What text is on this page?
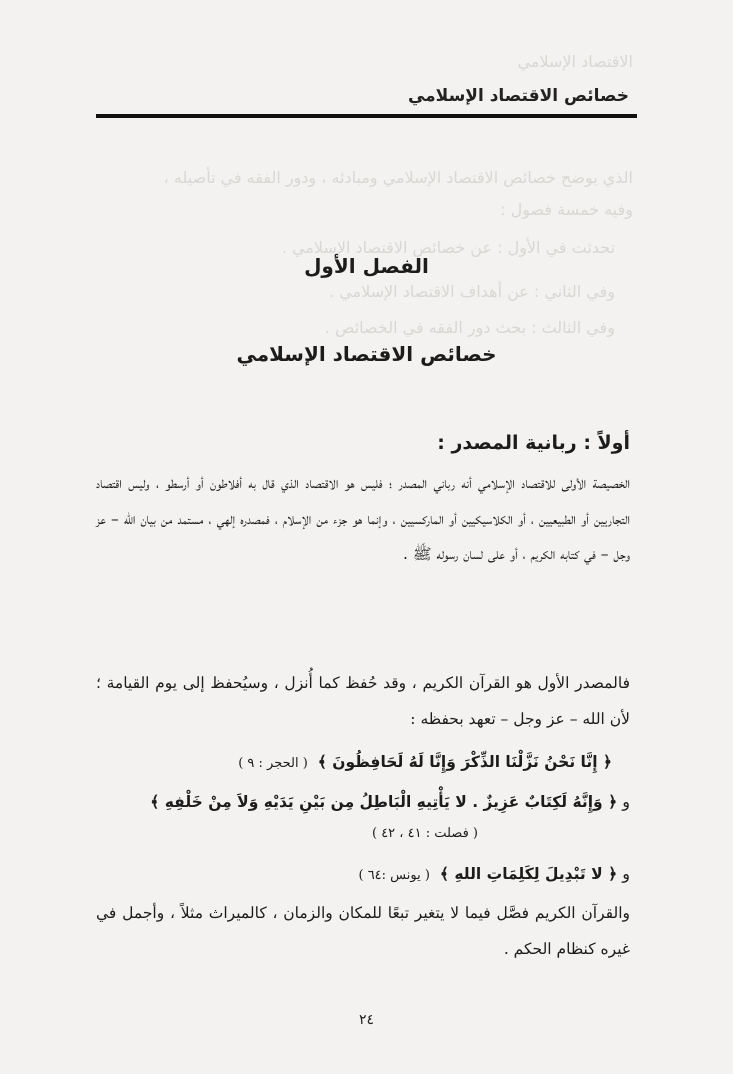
الاقتصاد الإسلامي
الذي يوضح خصائص الاقتصاد الإسلامي ومبادئه ، ودور الفقه في تأصيله ،
وفيه خمسة فصول :
تحدثت في الأول : عن خصائص الاقتصاد الإسلامي .
وفي الثاني : عن أهداف الاقتصاد الإسلامي .
وفي الثالث : بحث دور الفقه في الخصائص .
خصائص الاقتصاد الإسلامي
الفصل الأول
خصائص الاقتصاد الإسلامي
أولاً : ربانية المصدر :
الخصيصة الأولى للاقتصاد الإسلامي أنه رباني المصدر ؛ فليس هو الاقتصاد الذي قال به أفلاطون أو أرسطو ، وليس اقتصاد التجاريين أو الطبيعيين ، أو الكلاسيكيين أو الماركسيين ، وإنما هو جزء من الإسلام ، فمصدره إلهي ، مستمد من بيان الله – عز وجل – في كتابه الكريم ، أو على لسان رسوله ﷺ .
فالمصدر الأول هو القرآن الكريم ، وقد حُفظ كما أُنزل ، وسيُحفظ إلى يوم القيامة ؛ لأن الله – عز وجل – تعهد بحفظه :
﴿ إِنَّا نَحْنُ نَزَّلْنَا الذِّكْرَ وَإِنَّا لَهُ لَحَافِظُونَ ﴾( الحجر : ٩ )
و ﴿ وَإِنَّهُ لَكِتَابٌ عَزِيزٌ . لا يَأْتِيهِ الْبَاطِلُ مِن بَيْنِ يَدَيْهِ وَلاَ مِنْ خَلْفِهِ ﴾
( فصلت : ٤١ ، ٤٢ )
و ﴿ لا تَبْدِيلَ لِكَلِمَاتِ اللهِ ﴾( يونس :٦٤ )
والقرآن الكريم فصَّل فيما لا يتغير تبعًا للمكان والزمان ، كالميراث مثلاً ، وأجمل في غيره كنظام الحكم .
٢٤
